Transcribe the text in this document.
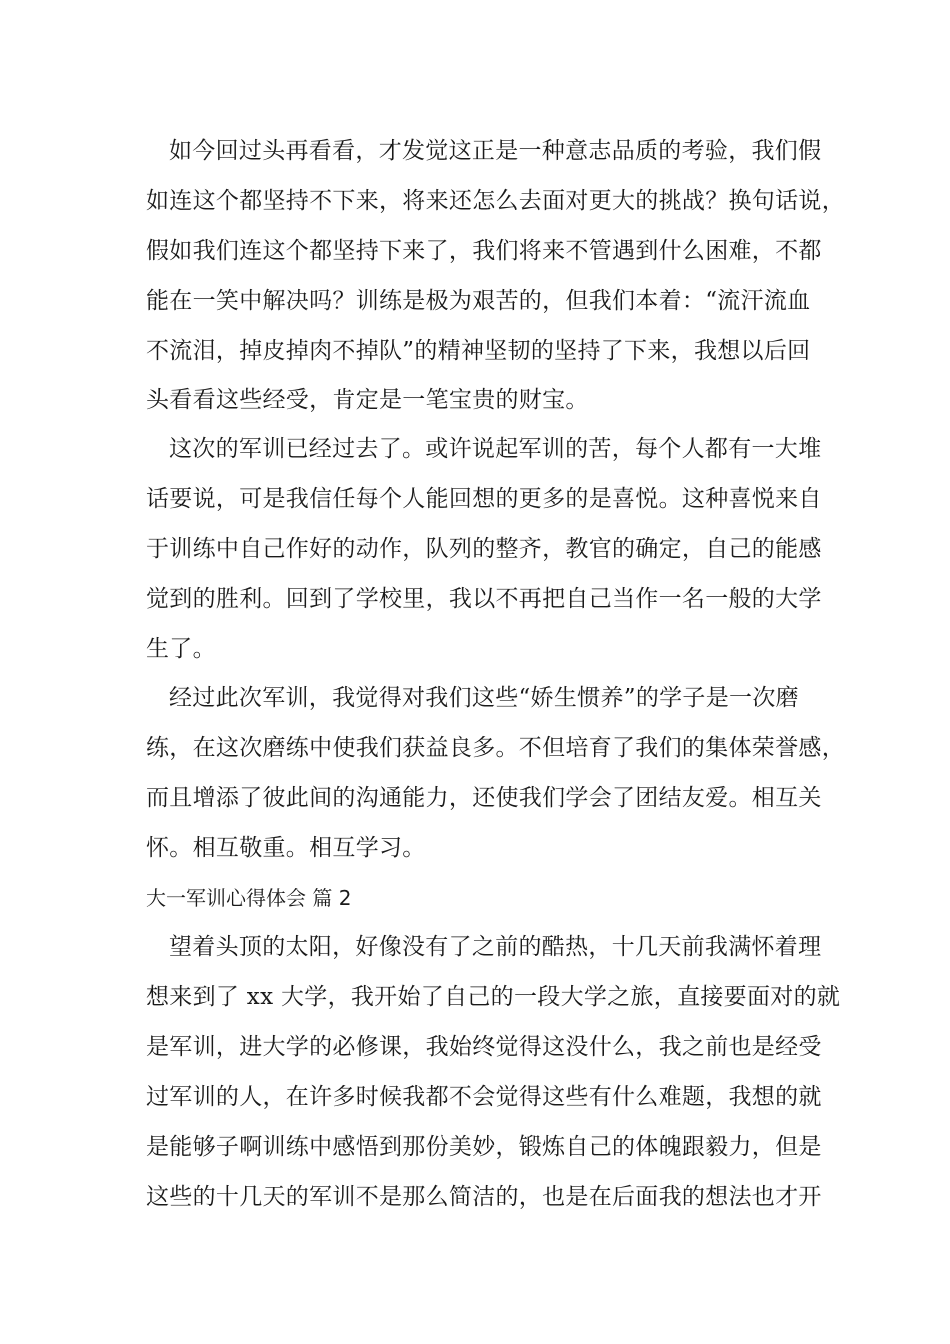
如今回过头再看看，才发觉这正是一种意志品质的考验，我们假

如连这个都坚持不下来，将来还怎么去面对更大的挑战？换句话说，

假如我们连这个都坚持下来了，我们将来不管遇到什么困难，不都

能在一笑中解决吗？训练是极为艰苦的，但我们本着：“流汗流血

不流泪，掉皮掉肉不掉队”的精神坚韧的坚持了下来，我想以后回

头看看这些经受，肯定是一笔宝贵的财宝。

这次的军训已经过去了。或许说起军训的苦，每个人都有一大堆

话要说，可是我信任每个人能回想的更多的是喜悦。这种喜悦来自

于训练中自己作好的动作，队列的整齐，教官的确定，自己的能感

觉到的胜利。回到了学校里，我以不再把自己当作一名一般的大学

生了。

经过此次军训，我觉得对我们这些“娇生惯养”的学子是一次磨

练，在这次磨练中使我们获益良多。不但培育了我们的集体荣誉感，

而且增添了彼此间的沟通能力，还使我们学会了团结友爱。相互关

怀。相互敬重。相互学习。

大一军训心得体会 篇 2

望着头顶的太阳，好像没有了之前的酷热，十几天前我满怀着理

想来到了 xx 大学，我开始了自己的一段大学之旅，直接要面对的就

是军训，进大学的必修课，我始终觉得这没什么，我之前也是经受

过军训的人，在许多时候我都不会觉得这些有什么难题，我想的就

是能够子啊训练中感悟到那份美妙，锻炼自己的体魄跟毅力，但是

这些的十几天的军训不是那么简洁的，也是在后面我的想法也才开
